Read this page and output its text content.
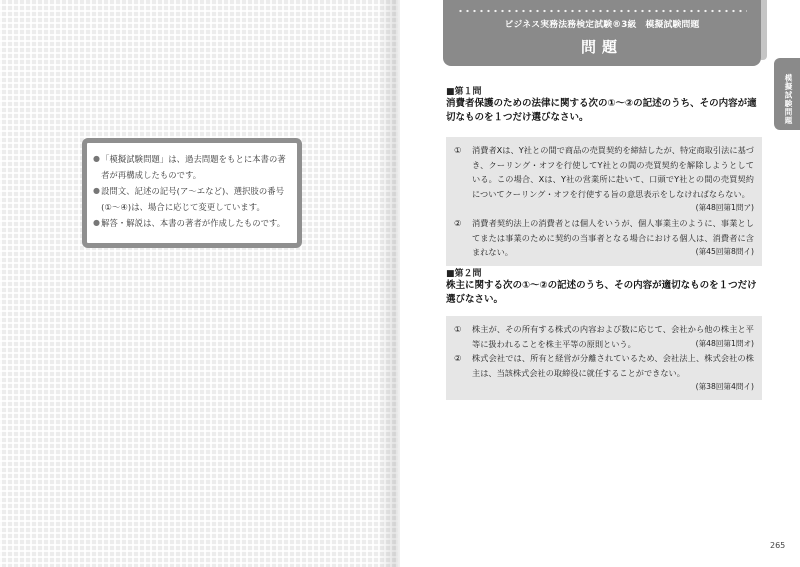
● 「模擬試験問題」は、過去問題をもとに本書の著者が再構成したものです。
● 設問文、記述の記号(ア～エなど)、選択肢の番号(①～④)は、場合に応じて変更しています。
● 解答・解説は、本書の著者が作成したものです。
ビジネス実務法務検定試験®3級　模擬試験問題
問題
模擬試験問題　問題
■第１問
消費者保護のための法律に関する次の①～②の記述のうち、その内容が適切なものを１つだけ選びなさい。
①	消費者Xは、Y社との間で商品の売買契約を締結したが、特定商取引法に基づき、クーリング・オフを行使してY社との間の売買契約を解除しようとしている。この場合、Xは、Y社の営業所に赴いて、口頭でY社との間の売買契約についてクーリング・オフを行使する旨の意思表示をしなければならない。
(第48回第1問ア)
②	消費者契約法上の消費者とは個人をいうが、個人事業主のように、事業としてまたは事業のために契約の当事者となる場合における個人は、消費者に含まれない。	(第45回第8問イ)
■第２問
株主に関する次の①～②の記述のうち、その内容が適切なものを１つだけ選びなさい。
①	株主が、その所有する株式の内容および数に応じて、会社から他の株主と平等に扱われることを株主平等の原則という。	(第48回第1問オ)
②	株式会社では、所有と経営が分離されているため、会社法上、株式会社の株主は、当該株式会社の取締役に就任することができない。
(第38回第4問イ)
265
